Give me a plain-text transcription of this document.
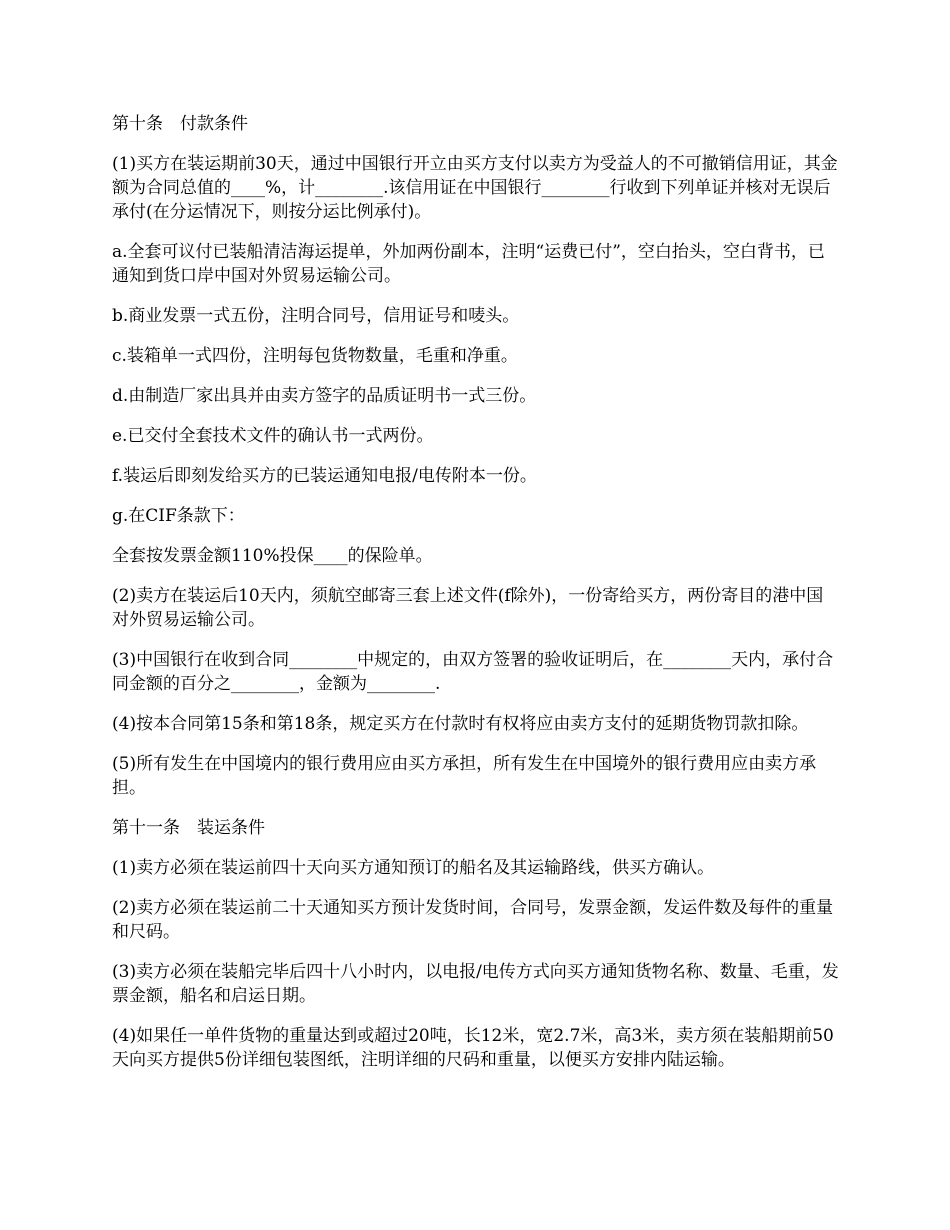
第十条　付款条件

(1)买方在装运期前30天，通过中国银行开立由买方支付以卖方为受益人的不可撤销信用证，其金额为合同总值的____%，计________.该信用证在中国银行________行收到下列单证并核对无误后承付(在分运情况下，则按分运比例承付)。

a.全套可议付已装船清洁海运提单，外加两份副本，注明“运费已付”，空白抬头，空白背书，已通知到货口岸中国对外贸易运输公司。

b.商业发票一式五份，注明合同号，信用证号和唛头。

c.装箱单一式四份，注明每包货物数量，毛重和净重。

d.由制造厂家出具并由卖方签字的品质证明书一式三份。

e.已交付全套技术文件的确认书一式两份。

f.装运后即刻发给买方的已装运通知电报/电传附本一份。

g.在CIF条款下：

全套按发票金额110%投保____的保险单。

(2)卖方在装运后10天内，须航空邮寄三套上述文件(f除外)，一份寄给买方，两份寄目的港中国对外贸易运输公司。

(3)中国银行在收到合同________中规定的，由双方签署的验收证明后，在________天内，承付合同金额的百分之________，金额为________.

(4)按本合同第15条和第18条，规定买方在付款时有权将应由卖方支付的延期货物罚款扣除。

(5)所有发生在中国境内的银行费用应由买方承担，所有发生在中国境外的银行费用应由卖方承担。

第十一条　装运条件

(1)卖方必须在装运前四十天向买方通知预订的船名及其运输路线，供买方确认。

(2)卖方必须在装运前二十天通知买方预计发货时间，合同号，发票金额，发运件数及每件的重量和尺码。

(3)卖方必须在装船完毕后四十八小时内，以电报/电传方式向买方通知货物名称、数量、毛重，发票金额，船名和启运日期。

(4)如果任一单件货物的重量达到或超过20吨，长12米，宽2.7米，高3米，卖方须在装船期前50天向买方提供5份详细包装图纸，注明详细的尺码和重量，以便买方安排内陆运输。
